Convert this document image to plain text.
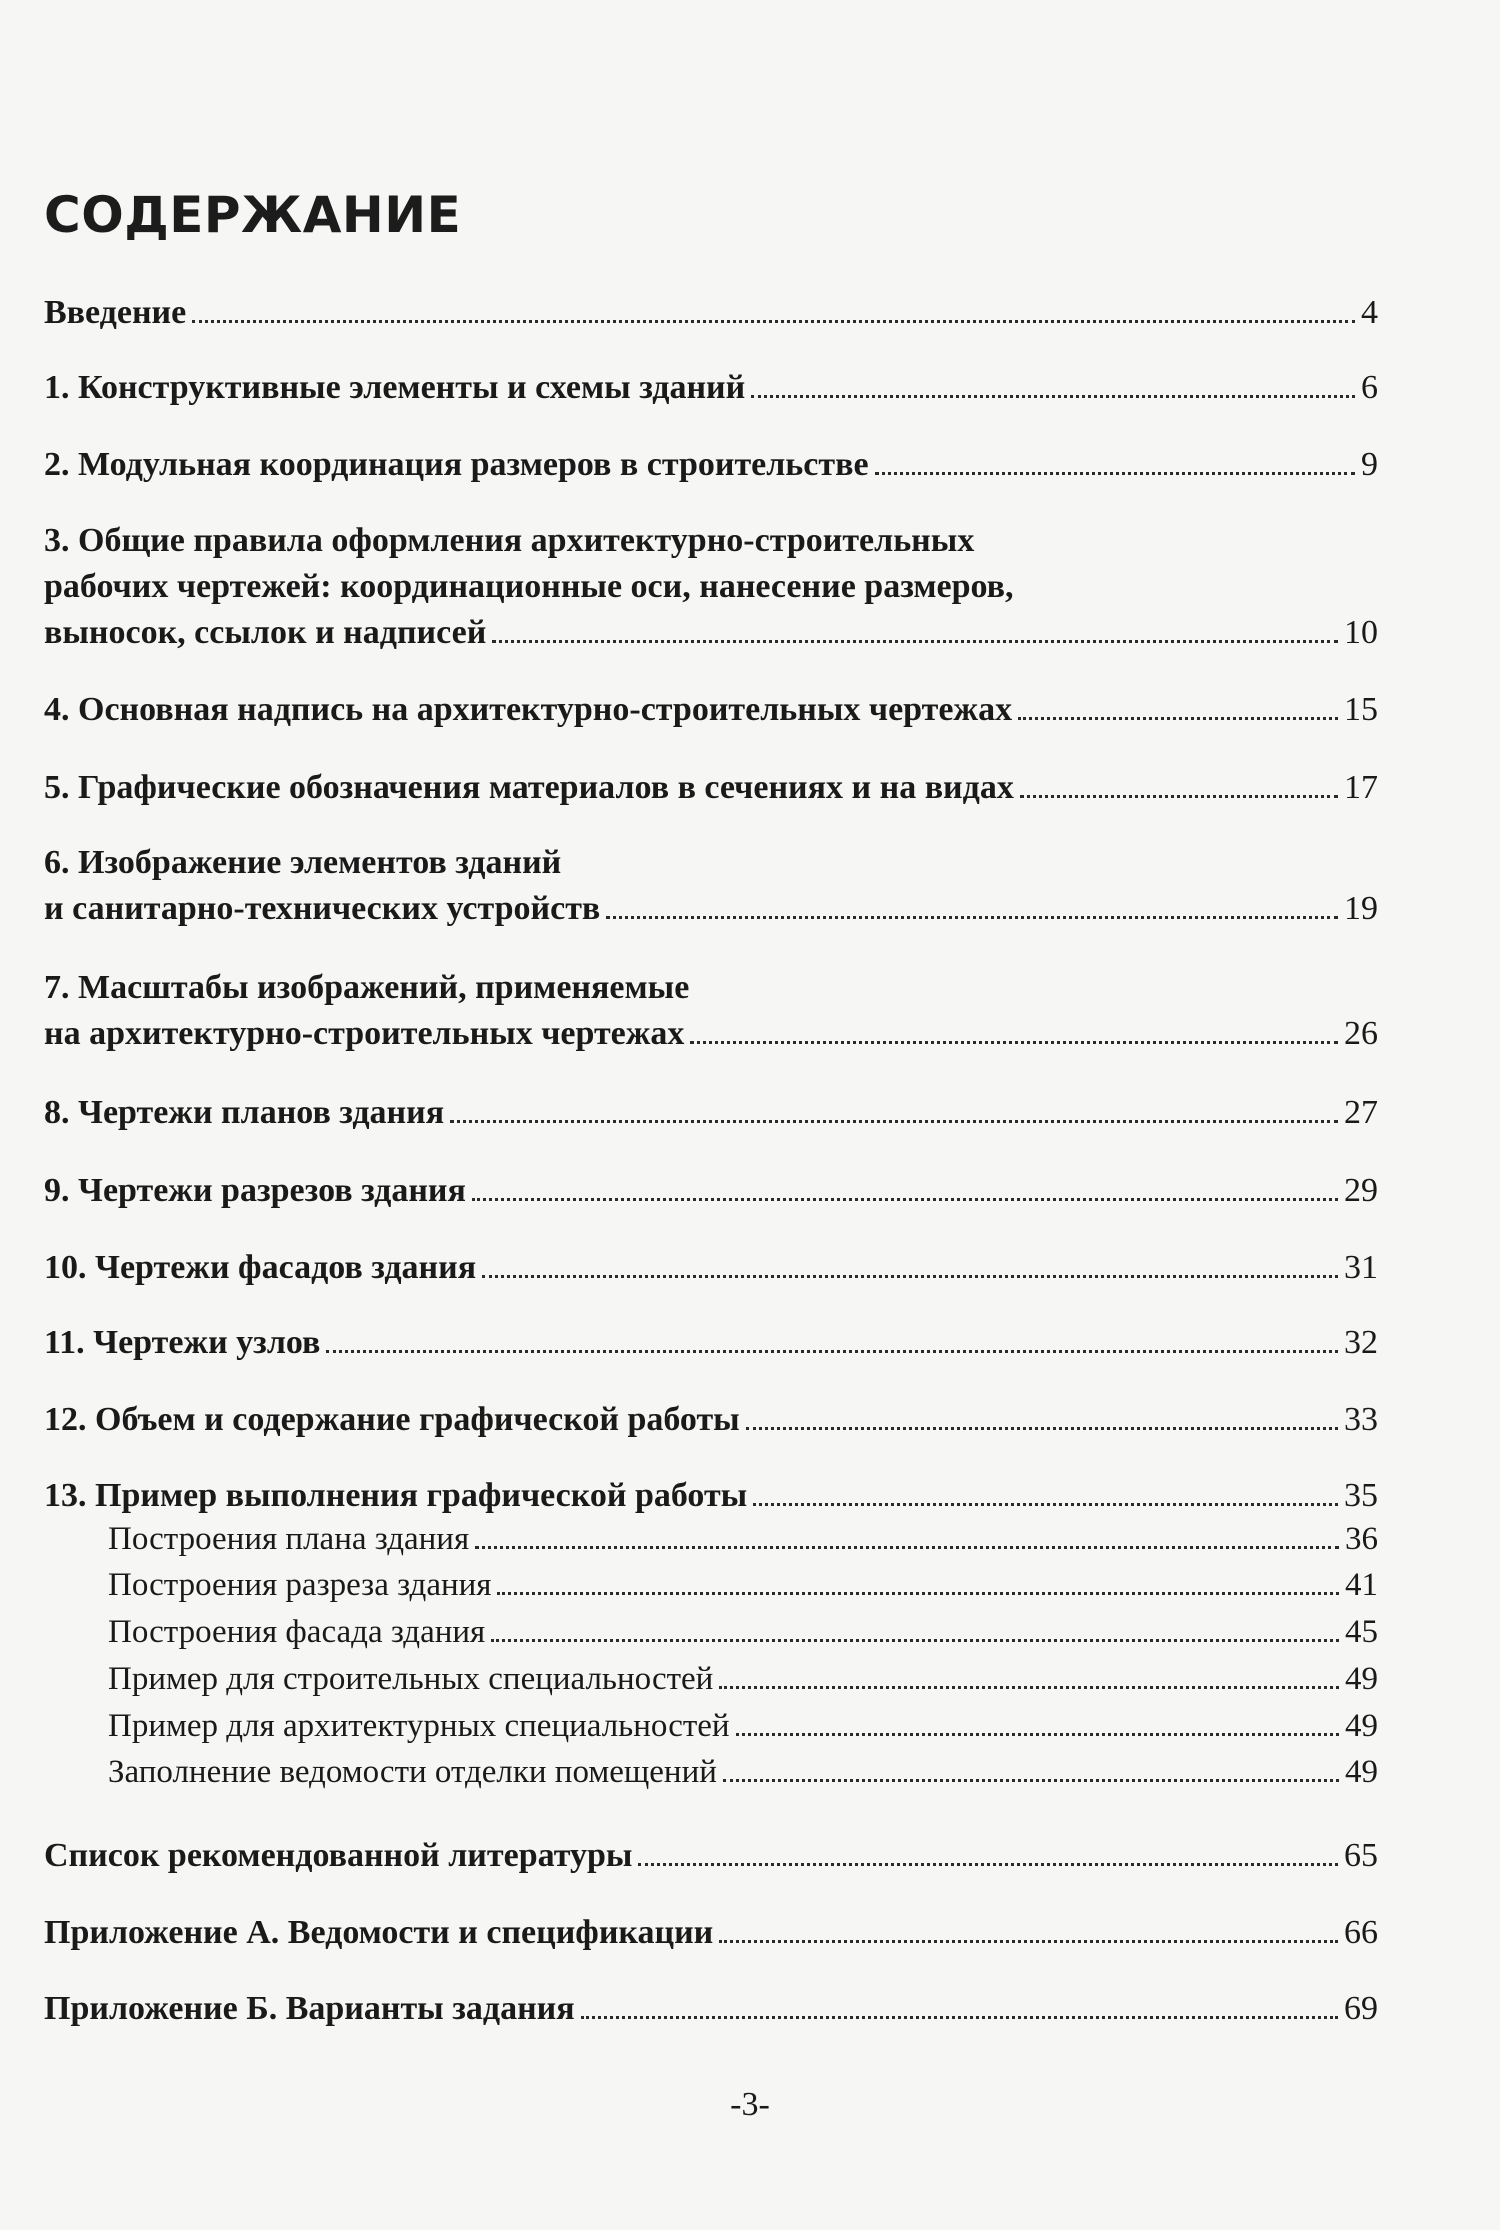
СОДЕРЖАНИЕ
Введение	4
1. Конструктивные элементы и схемы зданий	6
2. Модульная координация размеров в строительстве	9
3. Общие правила оформления архитектурно-строительных
рабочих чертежей: координационные оси, нанесение размеров,
выносок, ссылок и надписей	10
4. Основная надпись на архитектурно-строительных чертежах	15
5. Графические обозначения материалов в сечениях и на видах	17
6. Изображение элементов зданий
и санитарно-технических устройств	19
7. Масштабы изображений, применяемые
на архитектурно-строительных чертежах	26
8. Чертежи планов здания	27
9. Чертежи разрезов здания	29
10. Чертежи фасадов здания	31
11. Чертежи узлов	32
12. Объем и содержание графической работы	33
13. Пример выполнения графической работы	35
Построения плана здания	36
Построения разреза здания	41
Построения фасада здания	45
Пример для строительных специальностей	49
Пример для архитектурных специальностей	49
Заполнение ведомости отделки помещений	49
Список рекомендованной литературы	65
Приложение А. Ведомости и спецификации	66
Приложение Б. Варианты задания	69
-3-
